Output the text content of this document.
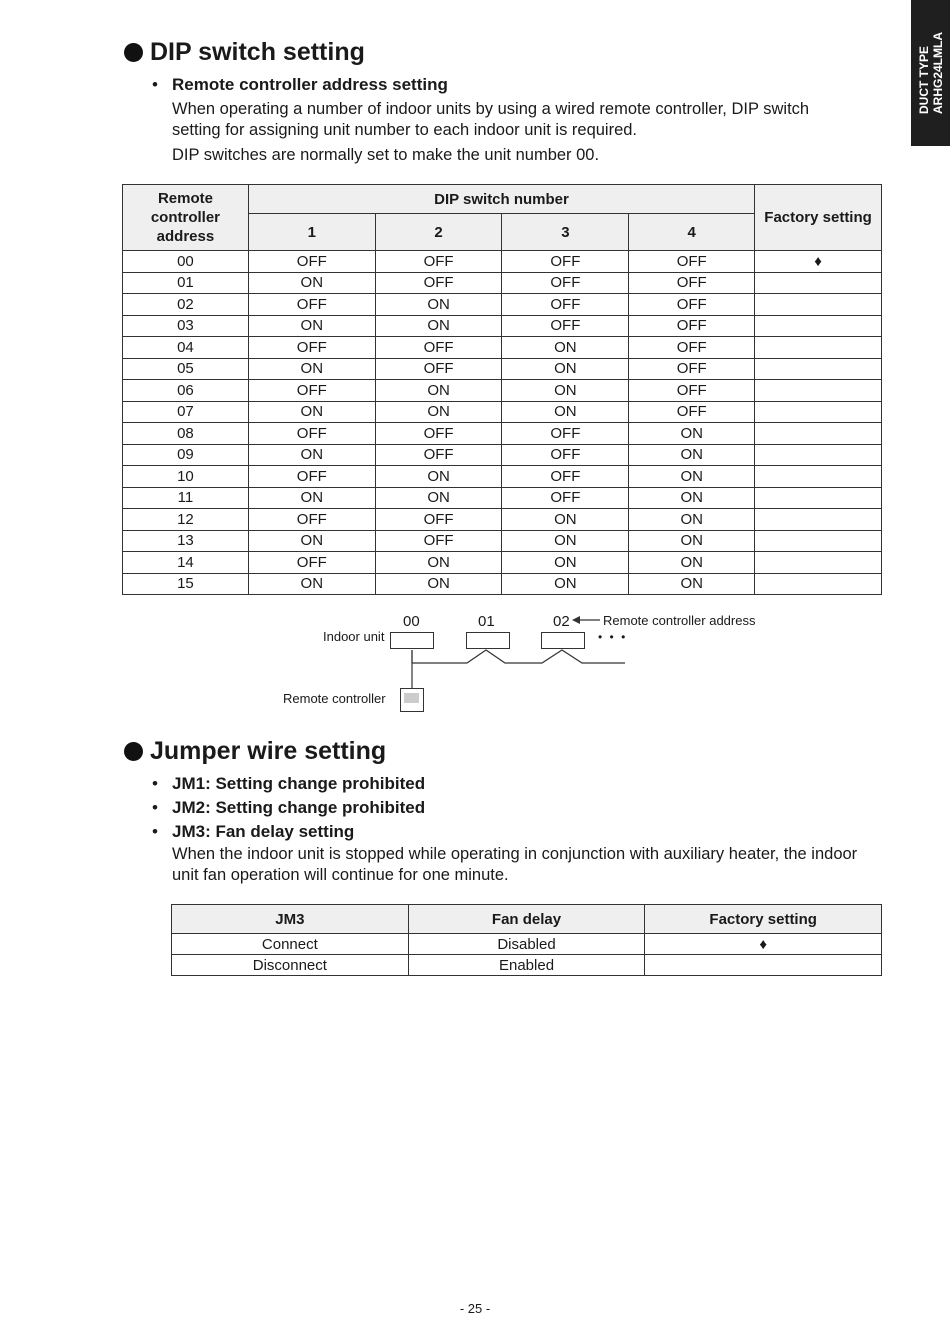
DUCT TYPE ARHG24LMLA
DIP switch setting
• Remote controller address setting
When operating a number of indoor units by using a wired remote controller, DIP switch setting for assigning unit number to each indoor unit is required.
DIP switches are normally set to make the unit number 00.
Remote controller address	DIP switch number				Factory setting
	1	2	3	4	
00	OFF	OFF	OFF	OFF	♦
01	ON	OFF	OFF	OFF	
02	OFF	ON	OFF	OFF	
03	ON	ON	OFF	OFF	
04	OFF	OFF	ON	OFF	
05	ON	OFF	ON	OFF	
06	OFF	ON	ON	OFF	
07	ON	ON	ON	OFF	
08	OFF	OFF	OFF	ON	
09	ON	OFF	OFF	ON	
10	OFF	ON	OFF	ON	
11	ON	ON	OFF	ON	
12	OFF	OFF	ON	ON	
13	ON	OFF	ON	ON	
14	OFF	ON	ON	ON	
15	ON	ON	ON	ON	
Indoor unit
00	01	02	Remote controller address
• • •
Remote controller
Jumper wire setting
• JM1: Setting change prohibited
• JM2: Setting change prohibited
• JM3: Fan delay setting
When the indoor unit is stopped while operating in conjunction with auxiliary heater, the indoor unit fan operation will continue for one minute.
JM3	Fan delay	Factory setting
Connect	Disabled	♦
Disconnect	Enabled	
- 25 -
